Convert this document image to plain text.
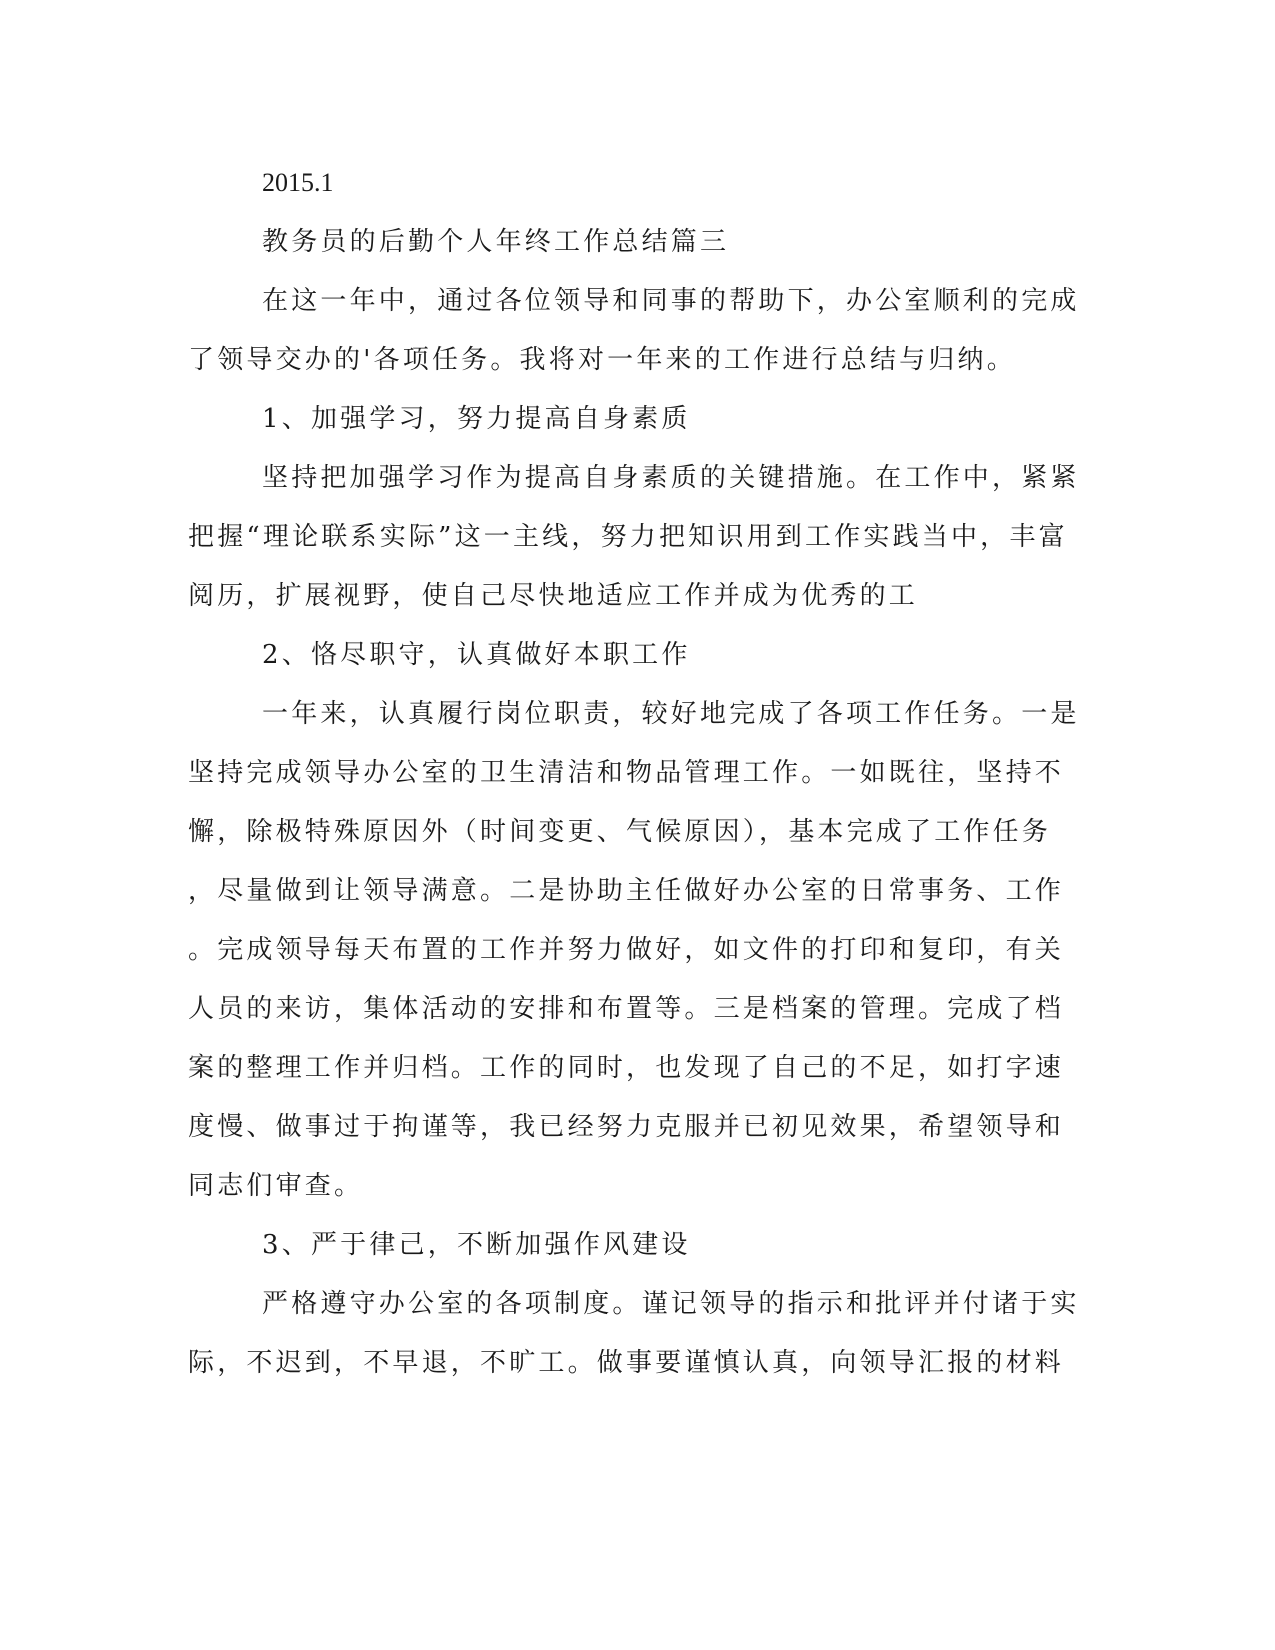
2015.1
教务员的后勤个人年终工作总结篇三
在这一年中，通过各位领导和同事的帮助下，办公室顺利的完成
了领导交办的'各项任务。我将对一年来的工作进行总结与归纳。
1、加强学习，努力提高自身素质
坚持把加强学习作为提高自身素质的关键措施。在工作中，紧紧
把握“理论联系实际”这一主线，努力把知识用到工作实践当中，丰富
阅历，扩展视野，使自己尽快地适应工作并成为优秀的工
2、恪尽职守，认真做好本职工作
一年来，认真履行岗位职责，较好地完成了各项工作任务。一是
坚持完成领导办公室的卫生清洁和物品管理工作。一如既往，坚持不
懈，除极特殊原因外（时间变更、气候原因），基本完成了工作任务
，尽量做到让领导满意。二是协助主任做好办公室的日常事务、工作
。完成领导每天布置的工作并努力做好，如文件的打印和复印，有关
人员的来访，集体活动的安排和布置等。三是档案的管理。完成了档
案的整理工作并归档。工作的同时，也发现了自己的不足，如打字速
度慢、做事过于拘谨等，我已经努力克服并已初见效果，希望领导和
同志们审查。
3、严于律己，不断加强作风建设
严格遵守办公室的各项制度。谨记领导的指示和批评并付诸于实
际，不迟到，不早退，不旷工。做事要谨慎认真，向领导汇报的材料
